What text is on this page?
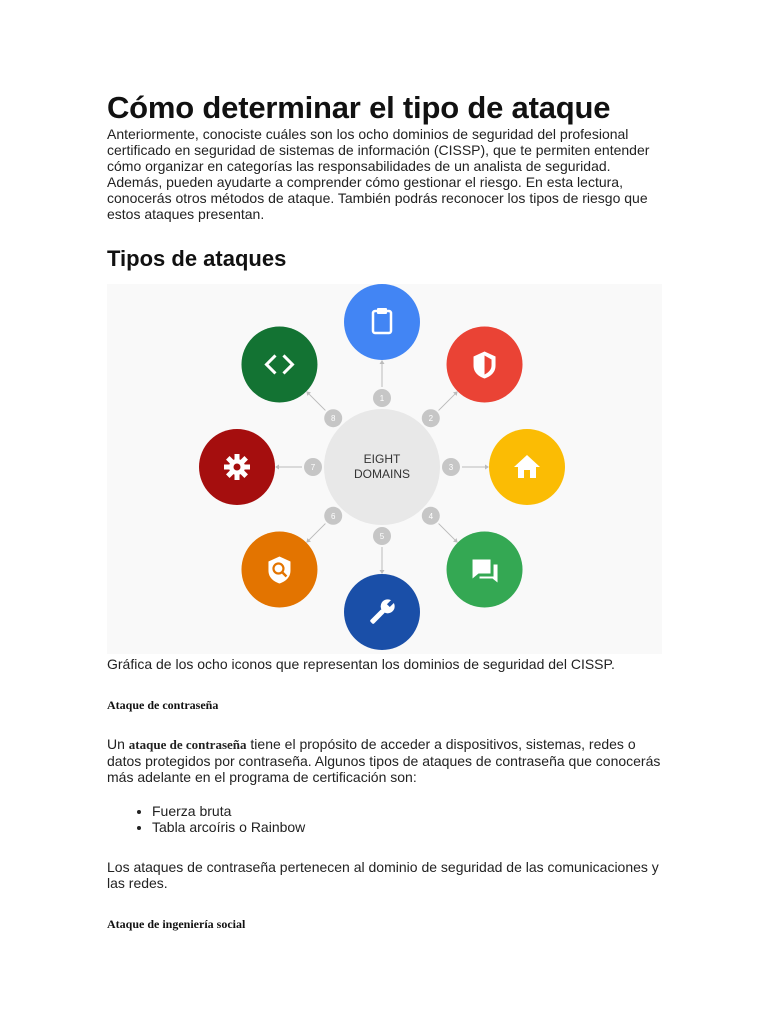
Cómo determinar el tipo de ataque

Anteriormente, conociste cuáles son los ocho dominios de seguridad del profesional certificado en seguridad de sistemas de información (CISSP), que te permiten entender cómo organizar en categorías las responsabilidades de un analista de seguridad. Además, pueden ayudarte a comprender cómo gestionar el riesgo. En esta lectura, conocerás otros métodos de ataque. También podrás reconocer los tipos de riesgo que estos ataques presentan.

Tipos de ataques
EIGHT
DOMAINS
1
2
3
4
5
6
7
8

Gráfica de los ocho iconos que representan los dominios de seguridad del CISSP.

Ataque de contraseña

Un ataque de contraseña tiene el propósito de acceder a dispositivos, sistemas, redes o datos protegidos por contraseña. Algunos tipos de ataques de contraseña que conocerás más adelante en el programa de certificación son:

• Fuerza bruta
• Tabla arcoíris o Rainbow

Los ataques de contraseña pertenecen al dominio de seguridad de las comunicaciones y las redes.

Ataque de ingeniería social
